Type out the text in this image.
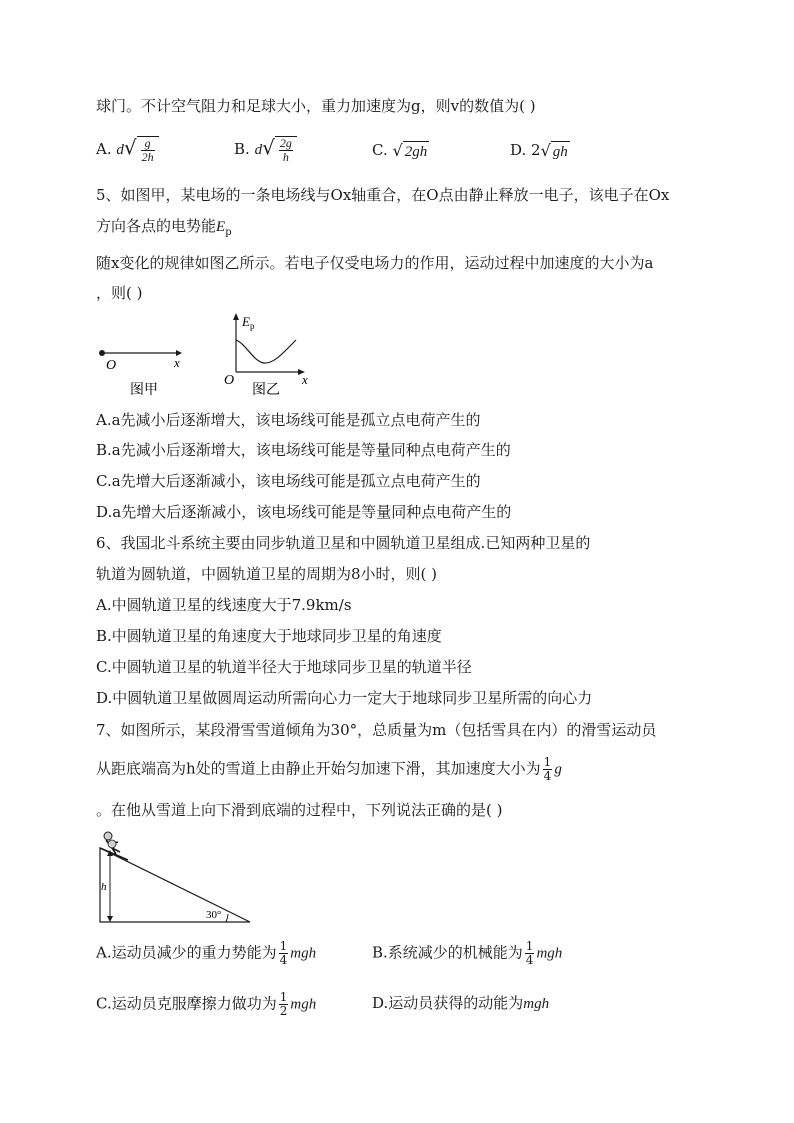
球门。不计空气阻力和足球大小，重力加速度为g，则v的数值为( )
A. $d√ \frac{g}{2h}$	B. $d√ \frac{2g}{h}$	C. √ 2gh	D. 2√ gh
5、如图甲，某电场的一条电场线与Ox轴重合，在O点由静止释放一电子，该电子在Ox
方向各点的电势能$E_p$
随x变化的规律如图乙所示。若电子仅受电场力的作用，运动过程中加速度的大小为a
，则( )
O	x
图甲
$E_p$
O	x
图乙
A.a先减小后逐渐增大，该电场线可能是孤立点电荷产生的
B.a先减小后逐渐增大，该电场线可能是等量同种点电荷产生的
C.a先增大后逐渐减小，该电场线可能是孤立点电荷产生的
D.a先增大后逐渐减小，该电场线可能是等量同种点电荷产生的
6、我国北斗系统主要由同步轨道卫星和中圆轨道卫星组成.已知两种卫星的
轨道为圆轨道，中圆轨道卫星的周期为8小时，则( )
A.中圆轨道卫星的线速度大于7.9km/s
B.中圆轨道卫星的角速度大于地球同步卫星的角速度
C.中圆轨道卫星的轨道半径大于地球同步卫星的轨道半径
D.中圆轨道卫星做圆周运动所需向心力一定大于地球同步卫星所需的向心力
7、如图所示，某段滑雪雪道倾角为30°，总质量为m（包括雪具在内）的滑雪运动员
从距底端高为h处的雪道上由静止开始匀加速下滑，其加速度大小为 $\frac{1}{4}$ g
。在他从雪道上向下滑到底端的过程中，下列说法正确的是( )
h
30°
A.运动员减少的重力势能为 $\frac{1}{4}$ mgh	B.系统减少的机械能为 $\frac{1}{4}$ mgh
C.运动员克服摩擦力做功为 $\frac{1}{2}$ mgh	D.运动员获得的动能为mgh
